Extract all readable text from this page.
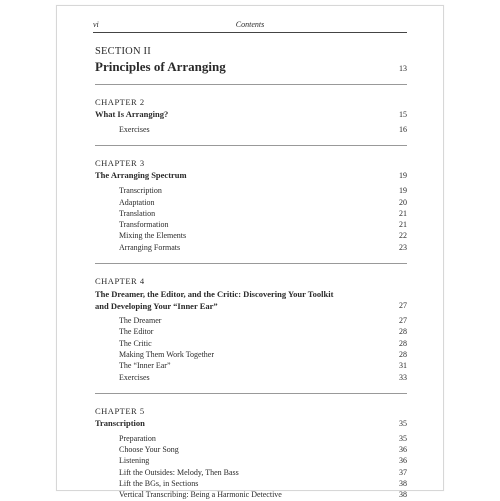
vi	Contents
SECTION II
Principles of Arranging	13
CHAPTER 2
What Is Arranging?	15
Exercises	16
CHAPTER 3
The Arranging Spectrum	19
Transcription	19
Adaptation	20
Translation	21
Transformation	21
Mixing the Elements	22
Arranging Formats	23
CHAPTER 4
The Dreamer, the Editor, and the Critic: Discovering Your Toolkit
and Developing Your “Inner Ear”	27
The Dreamer	27
The Editor	28
The Critic	28
Making Them Work Together	28
The “Inner Ear”	31
Exercises	33
CHAPTER 5
Transcription	35
Preparation	35
Choose Your Song	36
Listening	36
Lift the Outsides: Melody, Then Bass	37
Lift the BGs, in Sections	38
Vertical Transcribing: Being a Harmonic Detective	38
